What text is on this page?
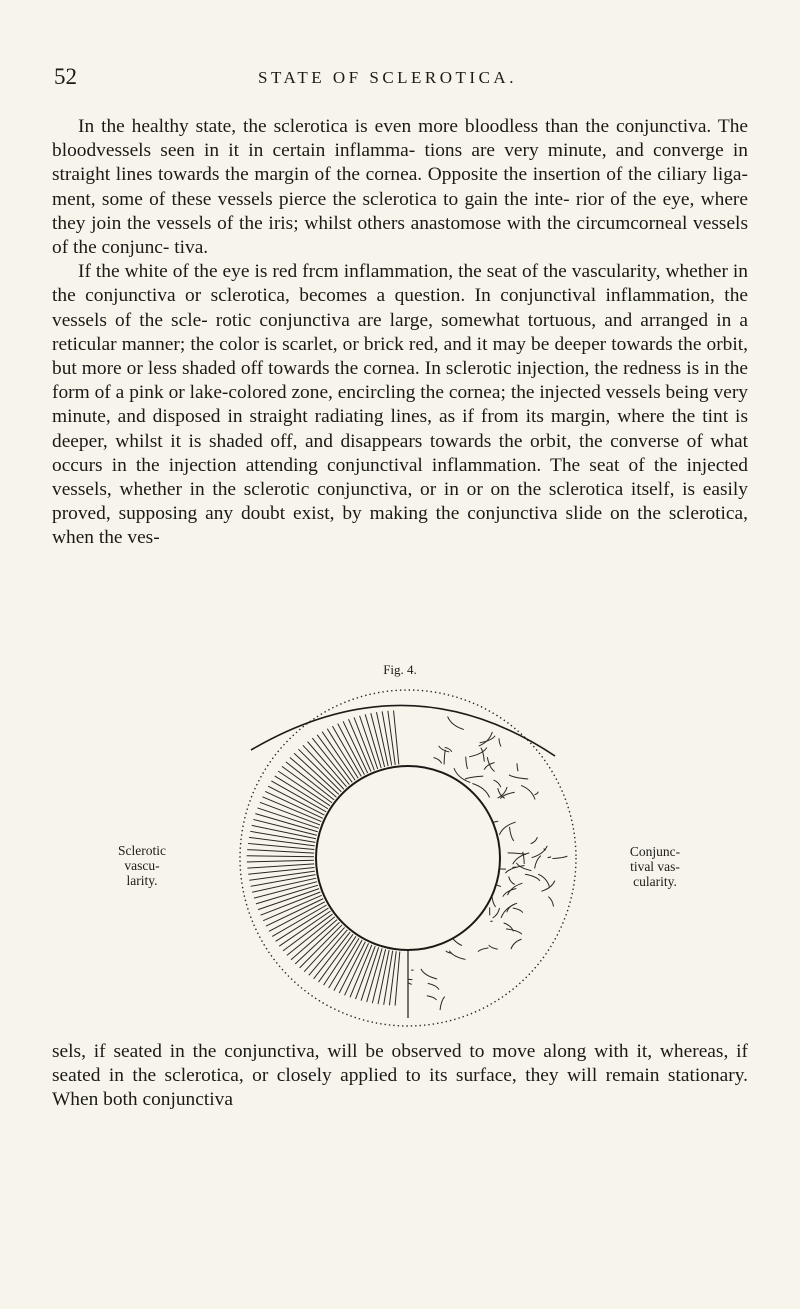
52	STATE OF SCLEROTICA.

In the healthy state, the sclerotica is even more bloodless than the conjunctiva. The bloodvessels seen in it in certain inflamma- tions are very minute, and converge in straight lines towards the margin of the cornea. Opposite the insertion of the ciliary liga- ment, some of these vessels pierce the sclerotica to gain the inte- rior of the eye, where they join the vessels of the iris; whilst others anastomose with the circumcorneal vessels of the conjunc- tiva.

If the white of the eye is red frcm inflammation, the seat of the vascularity, whether in the conjunctiva or sclerotica, becomes a question. In conjunctival inflammation, the vessels of the scle- rotic conjunctiva are large, somewhat tortuous, and arranged in a reticular manner; the color is scarlet, or brick red, and it may be deeper towards the orbit, but more or less shaded off towards the cornea. In sclerotic injection, the redness is in the form of a pink or lake-colored zone, encircling the cornea; the injected vessels being very minute, and disposed in straight radiating lines, as if from its margin, where the tint is deeper, whilst it is shaded off, and disappears towards the orbit, the converse of what occurs in the injection attending conjunctival inflammation. The seat of the injected vessels, whether in the sclerotic conjunctiva, or in or on the sclerotica itself, is easily proved, supposing any doubt exist, by making the conjunctiva slide on the sclerotica, when the ves-

Fig. 4.
Sclerotic
vascu-
larity.
Conjunc-
tival vas-
cularity.

sels, if seated in the conjunctiva, will be observed to move along with it, whereas, if seated in the sclerotica, or closely applied to its surface, they will remain stationary. When both conjunctiva
